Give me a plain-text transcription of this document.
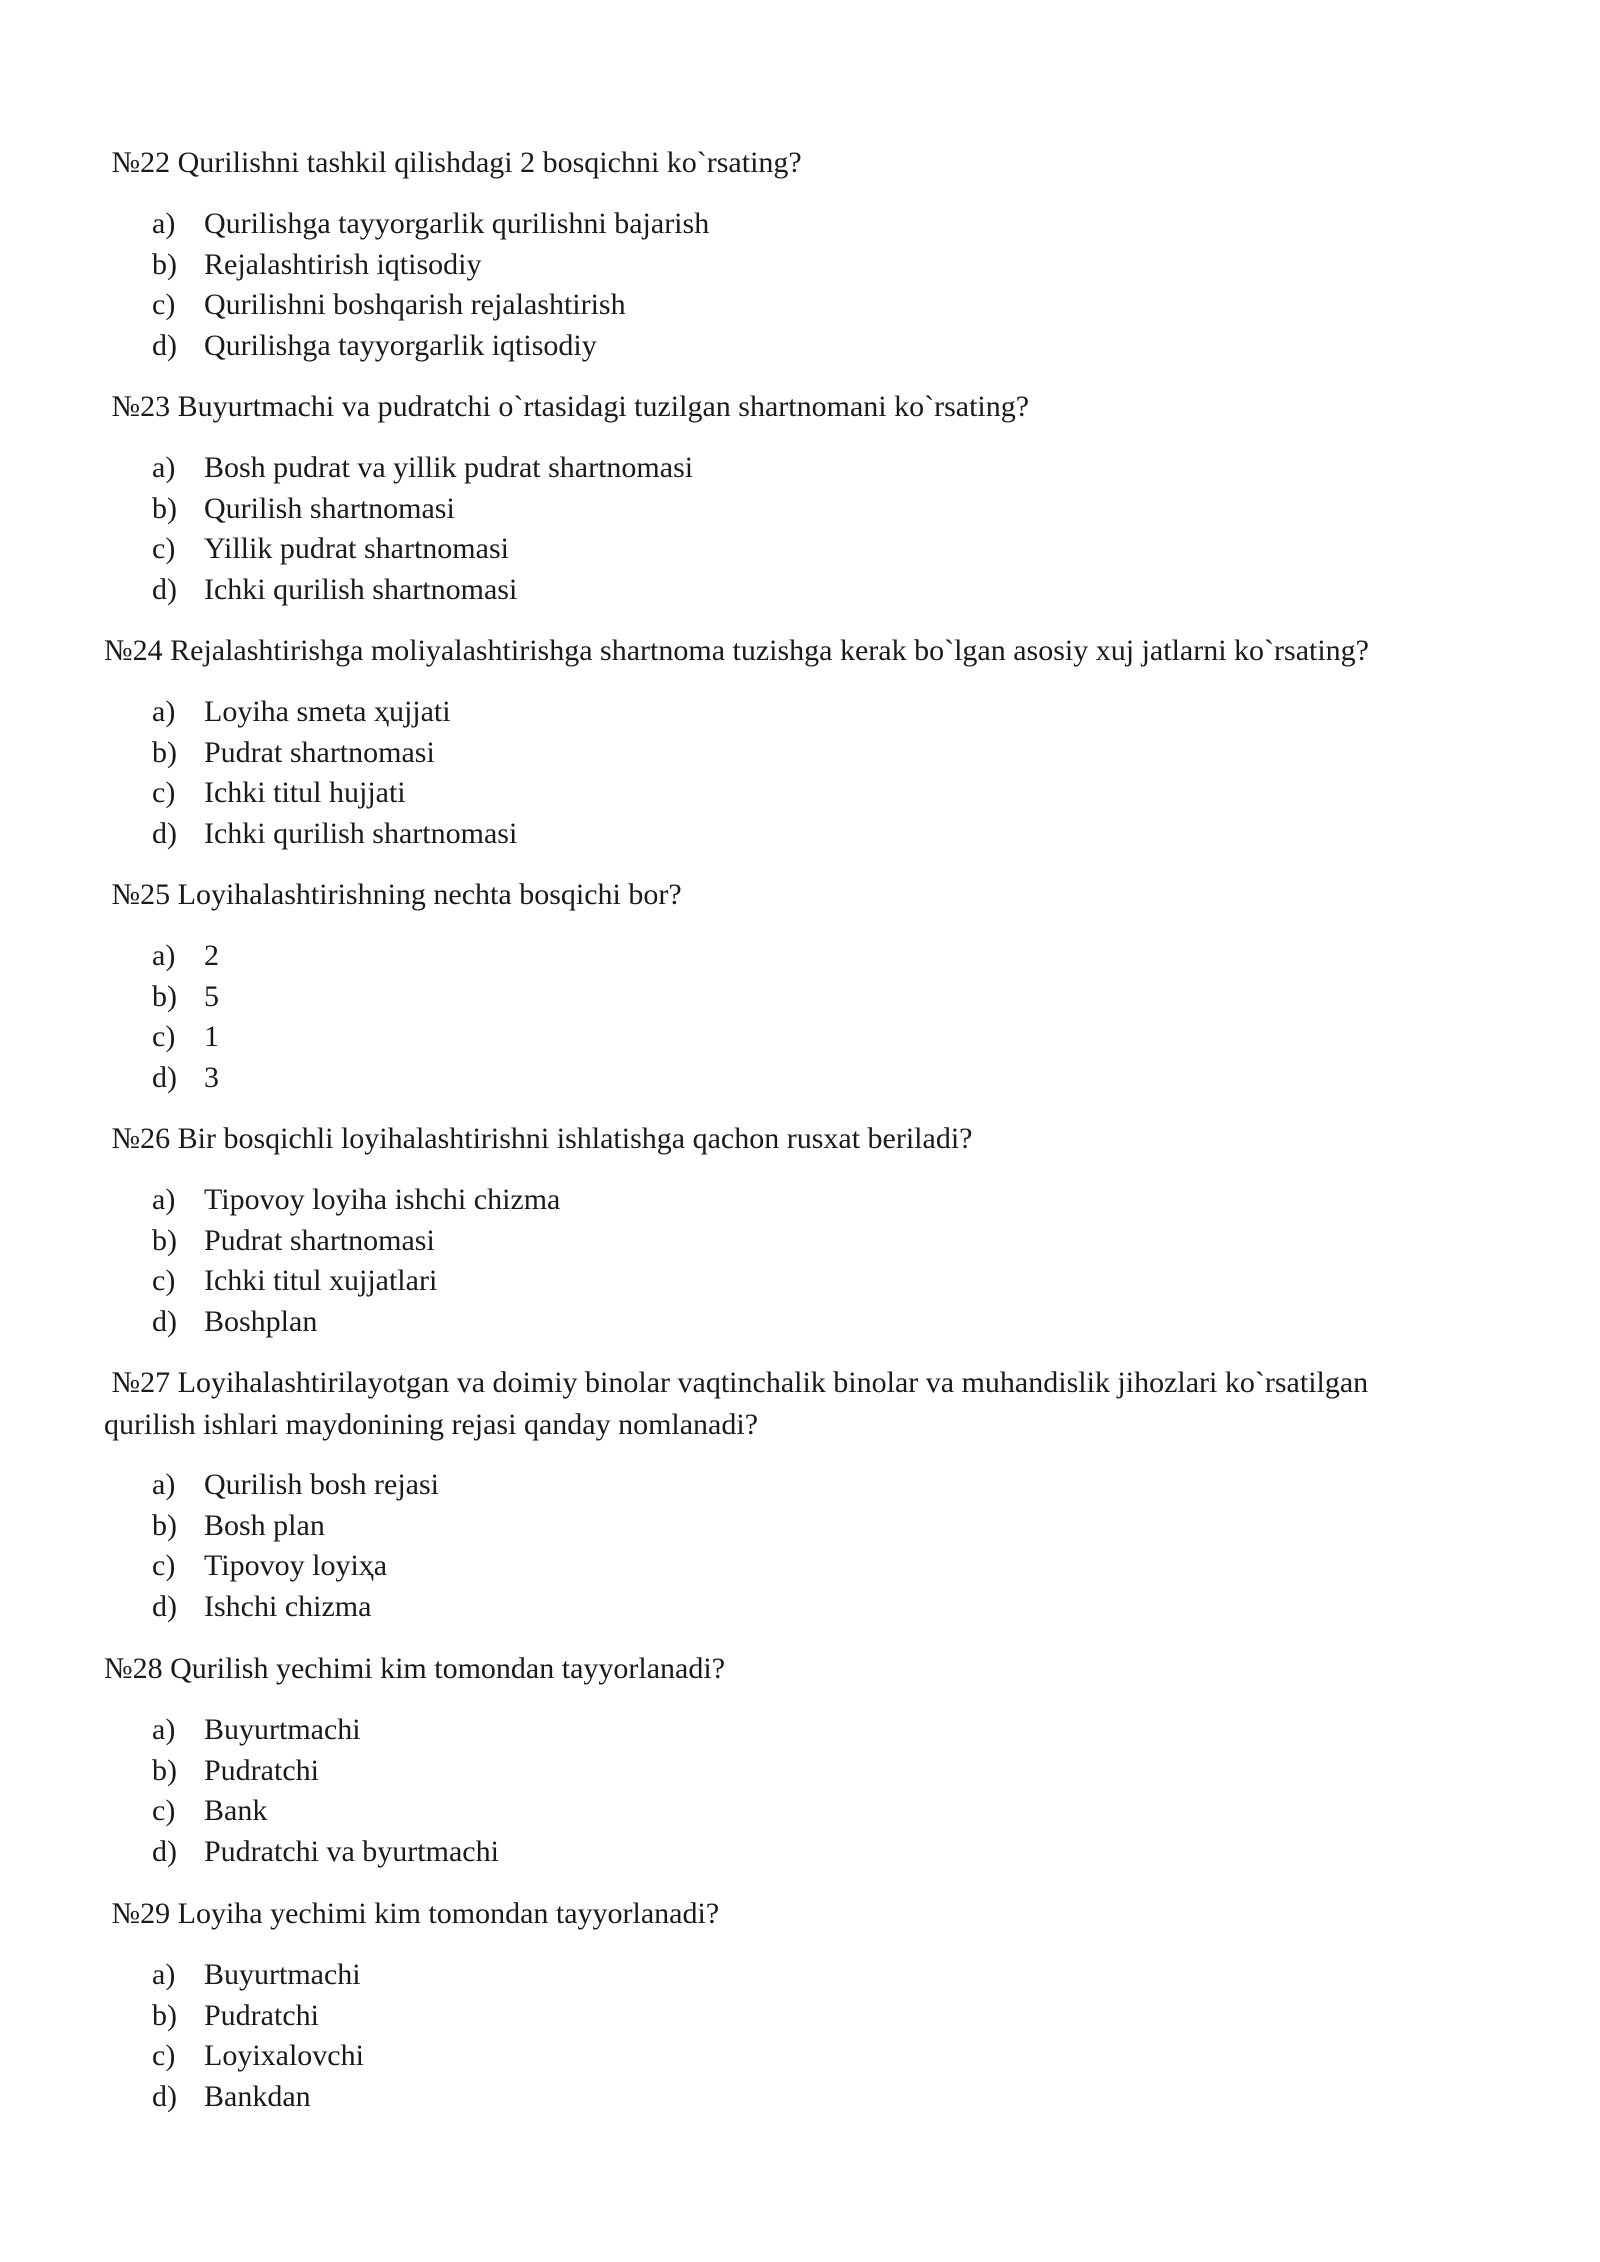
№22 Qurilishni tashkil qilishdagi 2 bosqichni ko`rsating?
a) Qurilishga tayyorgarlik qurilishni bajarish
b) Rejalashtirish iqtisodiy
c) Qurilishni boshqarish rejalashtirish
d) Qurilishga tayyorgarlik iqtisodiy
№23 Buyurtmachi va pudratchi o`rtasidagi tuzilgan shartnomani ko`rsating?
a) Bosh pudrat va yillik pudrat shartnomasi
b) Qurilish shartnomasi
c) Yillik pudrat shartnomasi
d) Ichki qurilish shartnomasi
№24 Rejalashtirishga moliyalashtirishga shartnoma tuzishga kerak bo`lgan asosiy xuj jatlarni ko`rsating?
a) Loyiha smeta ҳujjati
b) Pudrat shartnomasi
c) Ichki titul hujjati
d) Ichki qurilish shartnomasi
№25 Loyihalashtirishning nechta bosqichi bor?
a) 2
b) 5
c) 1
d) 3
№26 Bir bosqichli loyihalashtirishni ishlatishga qachon rusxat beriladi?
a) Tipovoy loyiha ishchi chizma
b) Pudrat shartnomasi
c) Ichki titul xujjatlari
d) Boshplan
№27 Loyihalashtirilayotgan va doimiy binolar vaqtinchalik binolar va muhandislik jihozlari ko`rsatilgan
qurilish ishlari maydonining rejasi qanday nomlanadi?
a) Qurilish bosh rejasi
b) Bosh plan
c) Tipovoy loyiҳa
d) Ishchi chizma
№28 Qurilish yechimi kim tomondan tayyorlanadi?
a) Buyurtmachi
b) Pudratchi
c) Bank
d) Pudratchi va byurtmachi
№29 Loyiha yechimi kim tomondan tayyorlanadi?
a) Buyurtmachi
b) Pudratchi
c) Loyixalovchi
d) Bankdan
